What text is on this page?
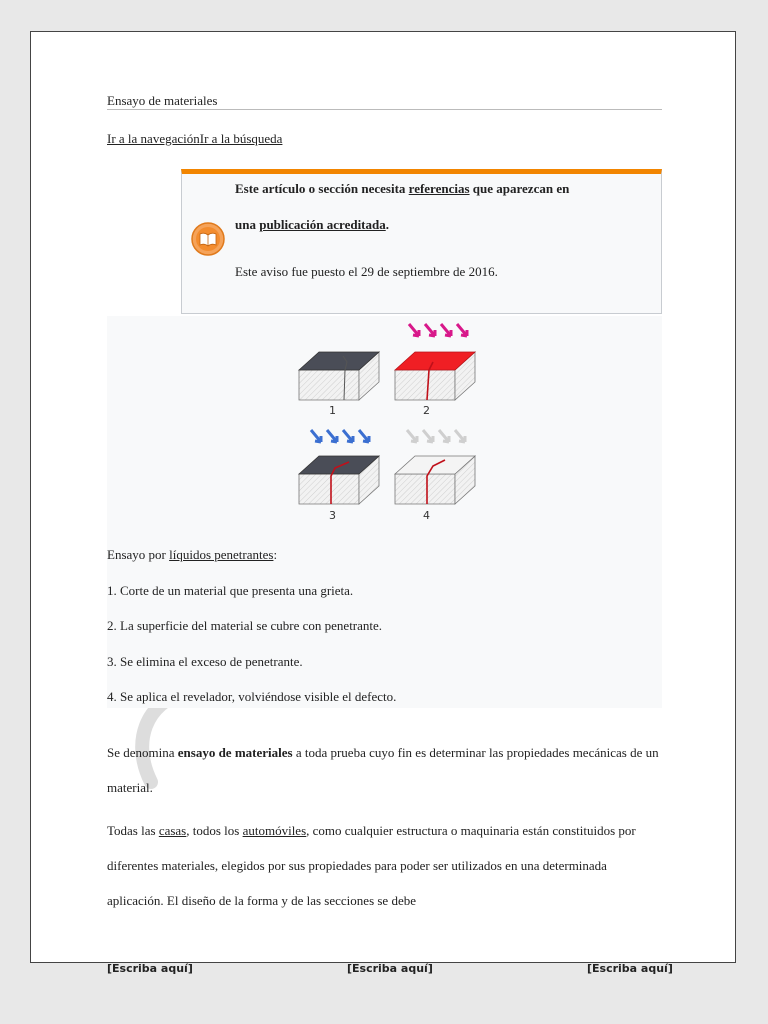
Ensayo de materiales
Ir a la navegaciónIr a la búsqueda
Este artículo o sección necesita referencias que aparezcan en
una publicación acreditada.
Este aviso fue puesto el 29 de septiembre de 2016.
1	2
3	4

Ensayo por líquidos penetrantes:

1. Corte de un material que presenta una grieta.

2. La superficie del material se cubre con penetrante.

3. Se elimina el exceso de penetrante.

4. Se aplica el revelador, volviéndose visible el defecto.

Se denomina ensayo de materiales a toda prueba cuyo fin es determinar las propiedades mecánicas de un material.

Todas las casas, todos los automóviles, como cualquier estructura o maquinaria están constituidos por diferentes materiales, elegidos por sus propiedades para poder ser utilizados en una determinada aplicación. El diseño de la forma y de las secciones se debe

[Escriba aquí]	[Escriba aquí]	[Escriba aquí]
